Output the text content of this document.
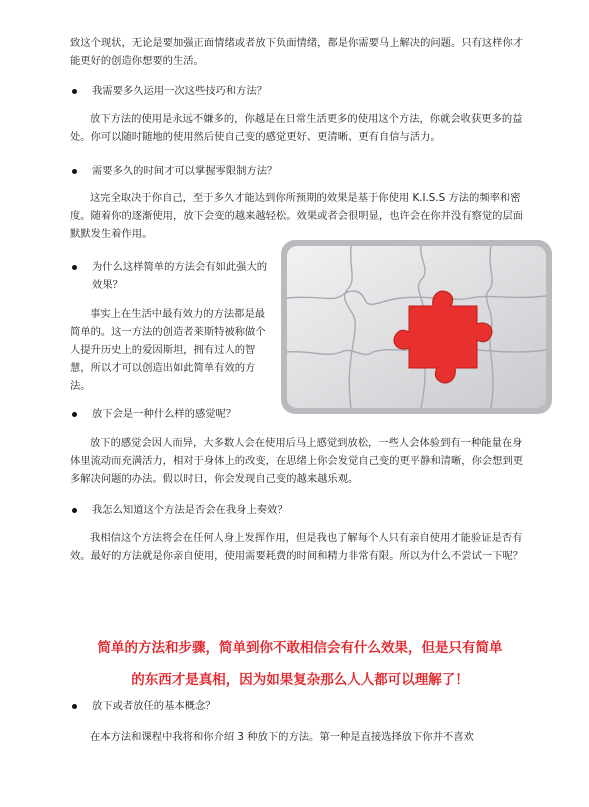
致这个现状，无论是要加强正面情绪或者放下负面情绪，都是你需要马上解决的问题。只有这样你才能更好的创造你想要的生活。

我需要多久运用一次这些技巧和方法？

放下方法的使用是永远不嫌多的，你越是在日常生活更多的使用这个方法，你就会收获更多的益处。你可以随时随地的使用然后使自己变的感觉更好、更清晰、更有自信与活力。

需要多久的时间才可以掌握零限制方法？

这完全取决于你自己，至于多久才能达到你所预期的效果是基于你使用 K.I.S.S 方法的频率和密度。随着你的逐渐使用，放下会变的越来越轻松。效果或者会很明显，也许会在你并没有察觉的层面默默发生着作用。

为什么这样简单的方法会有如此强大的效果？

事实上在生活中最有效力的方法都是最简单的。这一方法的创造者莱斯特被称做个人提升历史上的爱因斯坦，拥有过人的智慧，所以才可以创造出如此简单有效的方法。

放下会是一种什么样的感觉呢？

放下的感觉会因人而异，大多数人会在使用后马上感觉到放松，一些人会体验到有一种能量在身体里流动而充满活力，相对于身体上的改变，在思绪上你会发觉自己变的更平静和清晰，你会想到更多解决问题的办法。假以时日，你会发现自己变的越来越乐观。

我怎么知道这个方法是否会在我身上奏效？

我相信这个方法将会在任何人身上发挥作用，但是我也了解每个人只有亲自使用才能验证是否有效。最好的方法就是你亲自使用，使用需要耗费的时间和精力非常有限。所以为什么不尝试一下呢？

简单的方法和步骤，简单到你不敢相信会有什么效果，但是只有简单

的东西才是真相，因为如果复杂那么人人都可以理解了！

放下或者放任的基本概念？

在本方法和课程中我将和你介绍 3 种放下的方法。第一种是直接选择放下你并不喜欢
